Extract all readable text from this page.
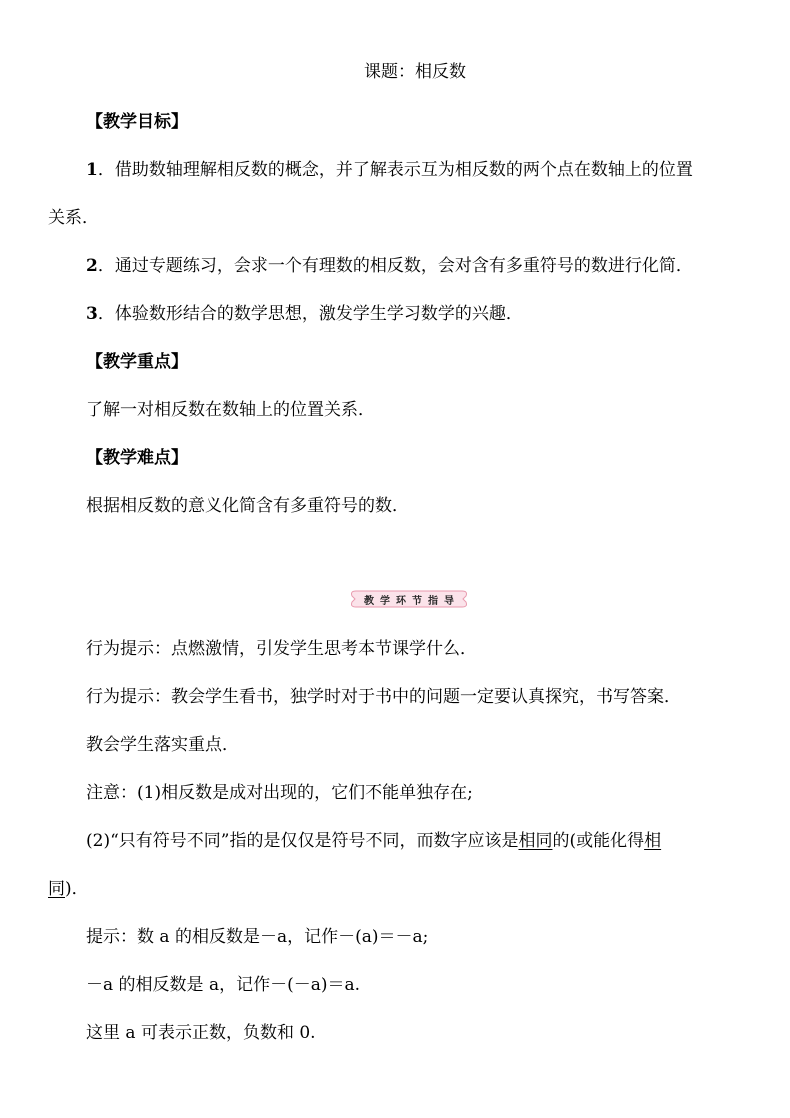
课题：相反数
【教学目标】
1．借助数轴理解相反数的概念，并了解表示互为相反数的两个点在数轴上的位置
关系．
2．通过专题练习，会求一个有理数的相反数，会对含有多重符号的数进行化简．
3．体验数形结合的数学思想，激发学生学习数学的兴趣．
【教学重点】
了解一对相反数在数轴上的位置关系．
【教学难点】
根据相反数的意义化简含有多重符号的数．
教学环节指导
行为提示：点燃激情，引发学生思考本节课学什么．
行为提示：教会学生看书，独学时对于书中的问题一定要认真探究，书写答案．
教会学生落实重点．
注意：(1)相反数是成对出现的，它们不能单独存在;
(2)“只有符号不同”指的是仅仅是符号不同，而数字应该是相同的(或能化得相
同)．
提示：数 a 的相反数是－a，记作－(a)＝－a;
－a 的相反数是 a，记作－(－a)＝a.
这里 a 可表示正数，负数和 0.
